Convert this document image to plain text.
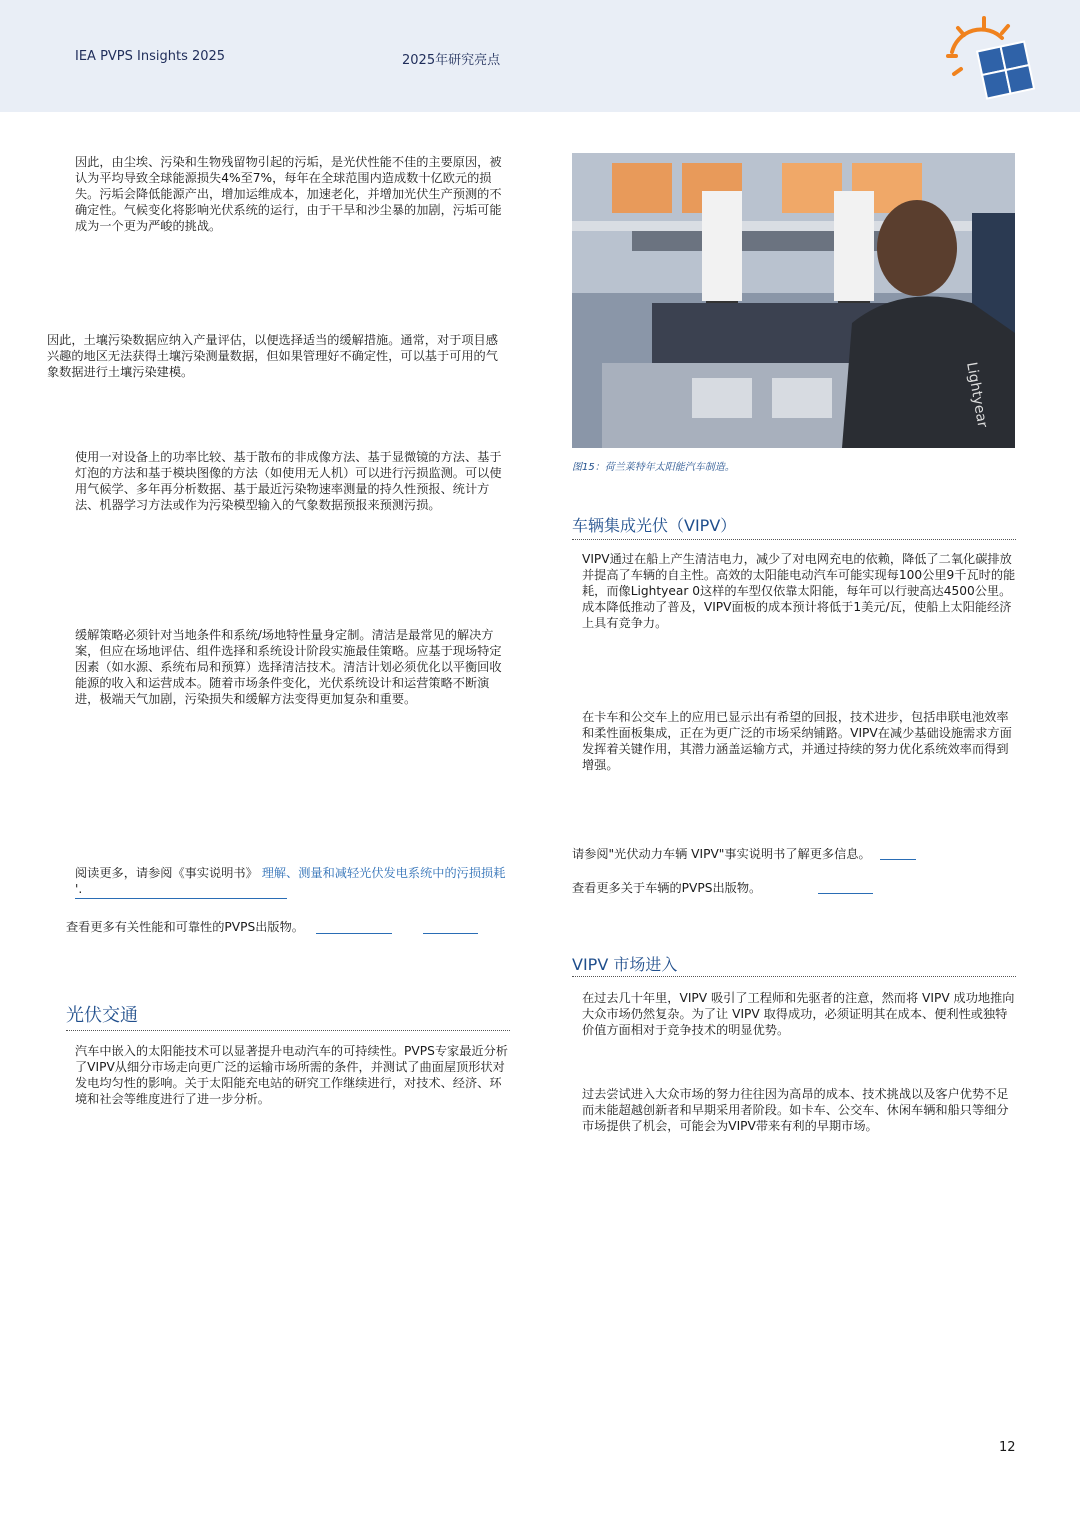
IEA PVPS Insights 2025	2025年研究亮点

因此，由尘埃、污染和生物残留物引起的污垢，是光伏性能不佳的主要原因，被认为平均导致全球能源损失4%至7%，每年在全球范围内造成数十亿欧元的损失。污垢会降低能源产出，增加运维成本，加速老化，并增加光伏生产预测的不确定性。气候变化将影响光伏系统的运行，由于干旱和沙尘暴的加剧，污垢可能成为一个更为严峻的挑战。

因此，土壤污染数据应纳入产量评估，以便选择适当的缓解措施。通常，对于项目感兴趣的地区无法获得土壤污染测量数据，但如果管理好不确定性，可以基于可用的气象数据进行土壤污染建模。

使用一对设备上的功率比较、基于散布的非成像方法、基于显微镜的方法、基于灯泡的方法和基于模块图像的方法（如使用无人机）可以进行污损监测。可以使用气候学、多年再分析数据、基于最近污染物速率测量的持久性预报、统计方法、机器学习方法或作为污染模型输入的气象数据预报来预测污损。

缓解策略必须针对当地条件和系统/场地特性量身定制。清洁是最常见的解决方案，但应在场地评估、组件选择和系统设计阶段实施最佳策略。应基于现场特定因素（如水源、系统布局和预算）选择清洁技术。清洁计划必须优化以平衡回收能源的收入和运营成本。随着市场条件变化，光伏系统设计和运营策略不断演进，极端天气加剧，污染损失和缓解方法变得更加复杂和重要。

阅读更多，请参阅《事实说明书》 理解、测量和减轻光伏发电系统中的污损损耗 '.

查看更多有关性能和可靠性的PVPS出版物。

光伏交通

汽车中嵌入的太阳能技术可以显著提升电动汽车的可持续性。PVPS专家最近分析了VIPV从细分市场走向更广泛的运输市场所需的条件，并测试了曲面屋顶形状对发电均匀性的影响。关于太阳能充电站的研究工作继续进行，对技术、经济、环境和社会等维度进行了进一步分析。

Lightyear

图15：荷兰莱特年太阳能汽车制造。

车辆集成光伏（VIPV）

VIPV通过在船上产生清洁电力，减少了对电网充电的依赖，降低了二氧化碳排放并提高了车辆的自主性。高效的太阳能电动汽车可能实现每100公里9千瓦时的能耗，而像Lightyear 0这样的车型仅依靠太阳能，每年可以行驶高达4500公里。成本降低推动了普及，VIPV面板的成本预计将低于1美元/瓦，使船上太阳能经济上具有竞争力。

在卡车和公交车上的应用已显示出有希望的回报，技术进步，包括串联电池效率和柔性面板集成，正在为更广泛的市场采纳铺路。VIPV在减少基础设施需求方面发挥着关键作用，其潜力涵盖运输方式，并通过持续的努力优化系统效率而得到增强。

请参阅"光伏动力车辆 VIPV"事实说明书了解更多信息。

查看更多关于车辆的PVPS出版物。

VIPV 市场进入

在过去几十年里，VIPV 吸引了工程师和先驱者的注意，然而将 VIPV 成功地推向大众市场仍然复杂。为了让 VIPV 取得成功，必须证明其在成本、便利性或独特价值方面相对于竞争技术的明显优势。

过去尝试进入大众市场的努力往往因为高昂的成本、技术挑战以及客户优势不足而未能超越创新者和早期采用者阶段。如卡车、公交车、休闲车辆和船只等细分市场提供了机会，可能会为VIPV带来有利的早期市场。

12
